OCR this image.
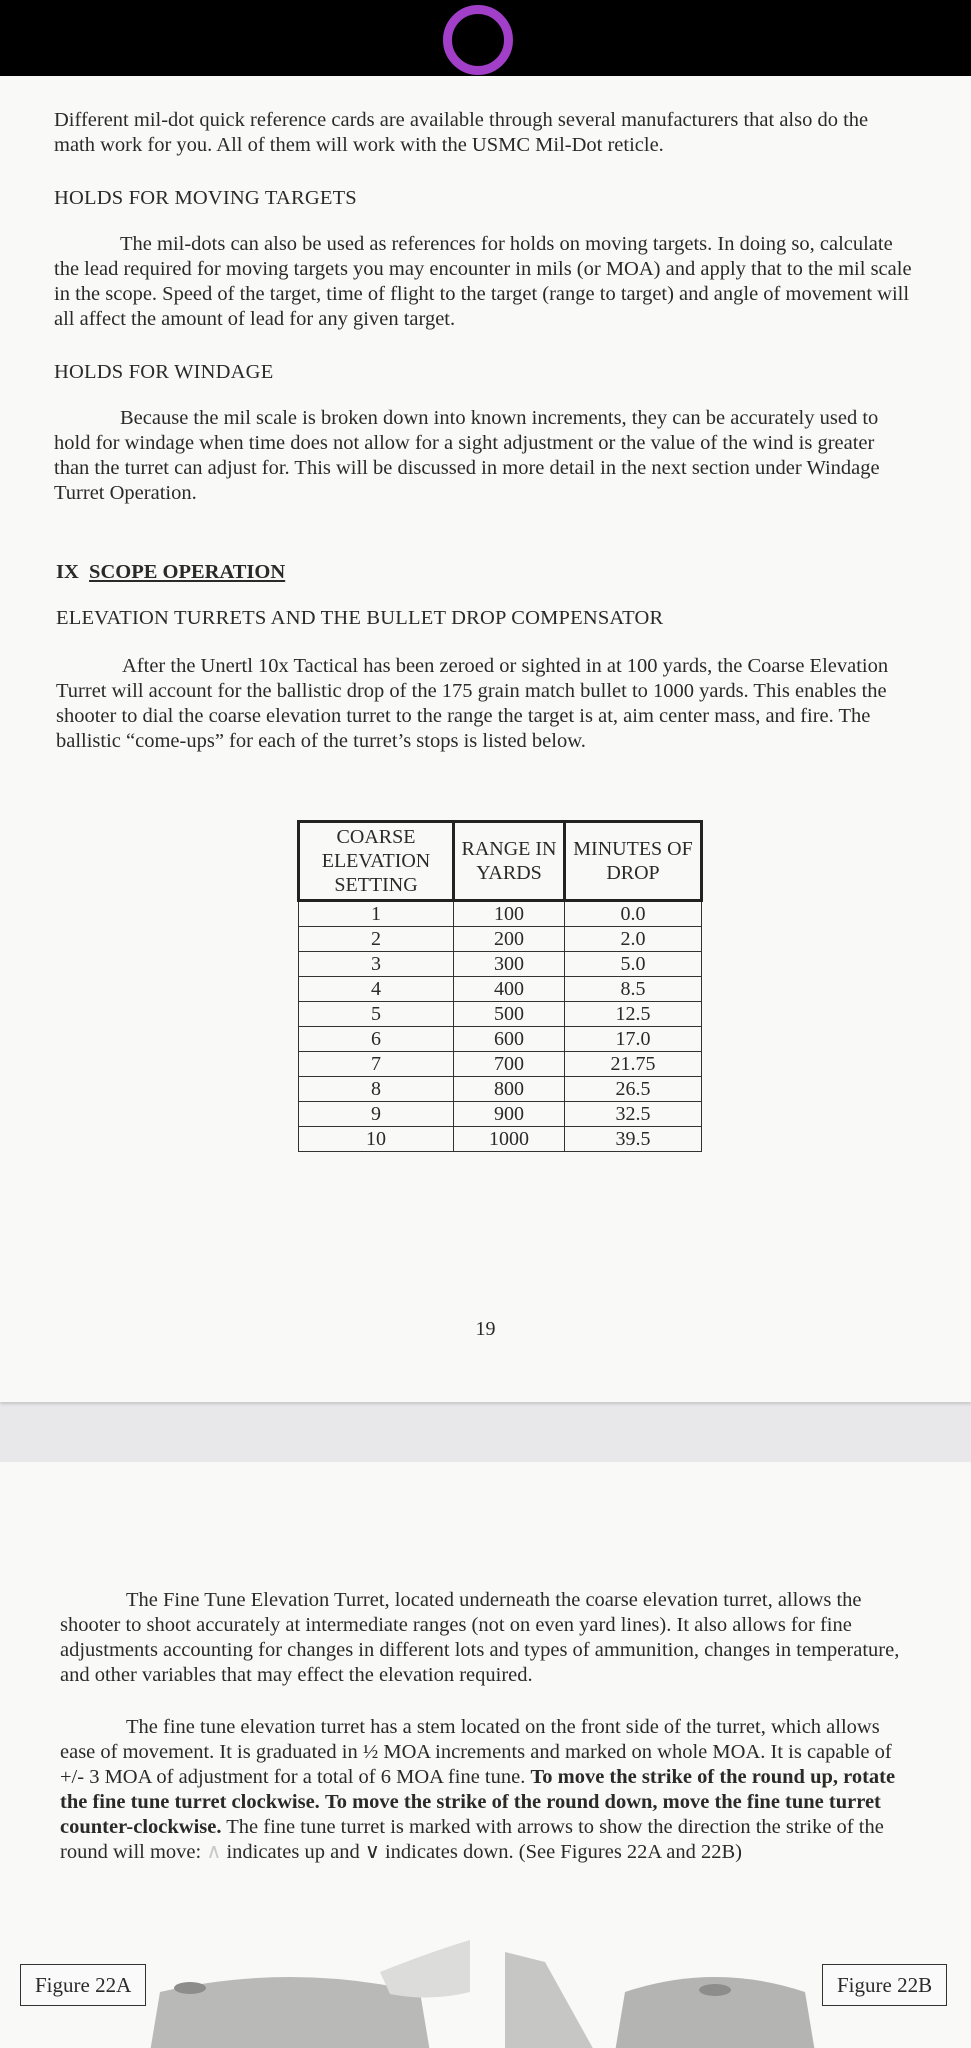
Different mil-dot quick reference cards are available through several manufacturers that also do the math work for you. All of them will work with the USMC Mil-Dot reticle.

HOLDS FOR MOVING TARGETS

The mil-dots can also be used as references for holds on moving targets. In doing so, calculate the lead required for moving targets you may encounter in mils (or MOA) and apply that to the mil scale in the scope. Speed of the target, time of flight to the target (range to target) and angle of movement will all affect the amount of lead for any given target.

HOLDS FOR WINDAGE

Because the mil scale is broken down into known increments, they can be accurately used to hold for windage when time does not allow for a sight adjustment or the value of the wind is greater than the turret can adjust for. This will be discussed in more detail in the next section under Windage Turret Operation.

IX SCOPE OPERATION
ELEVATION TURRETS AND THE BULLET DROP COMPENSATOR

After the Unertl 10x Tactical has been zeroed or sighted in at 100 yards, the Coarse Elevation Turret will account for the ballistic drop of the 175 grain match bullet to 1000 yards. This enables the shooter to dial the coarse elevation turret to the range the target is at, aim center mass, and fire. The ballistic “come-ups” for each of the turret’s stops is listed below.

COARSE ELEVATION SETTING	RANGE IN YARDS	MINUTES OF DROP
1	100	0.0
2	200	2.0
3	300	5.0
4	400	8.5
5	500	12.5
6	600	17.0
7	700	21.75
8	800	26.5
9	900	32.5
10	1000	39.5
19

The Fine Tune Elevation Turret, located underneath the coarse elevation turret, allows the shooter to shoot accurately at intermediate ranges (not on even yard lines). It also allows for fine adjustments accounting for changes in different lots and types of ammunition, changes in temperature, and other variables that may effect the elevation required.

The fine tune elevation turret has a stem located on the front side of the turret, which allows ease of movement. It is graduated in ½ MOA increments and marked on whole MOA. It is capable of +/- 3 MOA of adjustment for a total of 6 MOA fine tune. To move the strike of the round up, rotate the fine tune turret clockwise. To move the strike of the round down, move the fine tune turret counter-clockwise. The fine tune turret is marked with arrows to show the direction the strike of the round will move: ∧ indicates up and ∨ indicates down. (See Figures 22A and 22B)

Figure 22A	Figure 22B
